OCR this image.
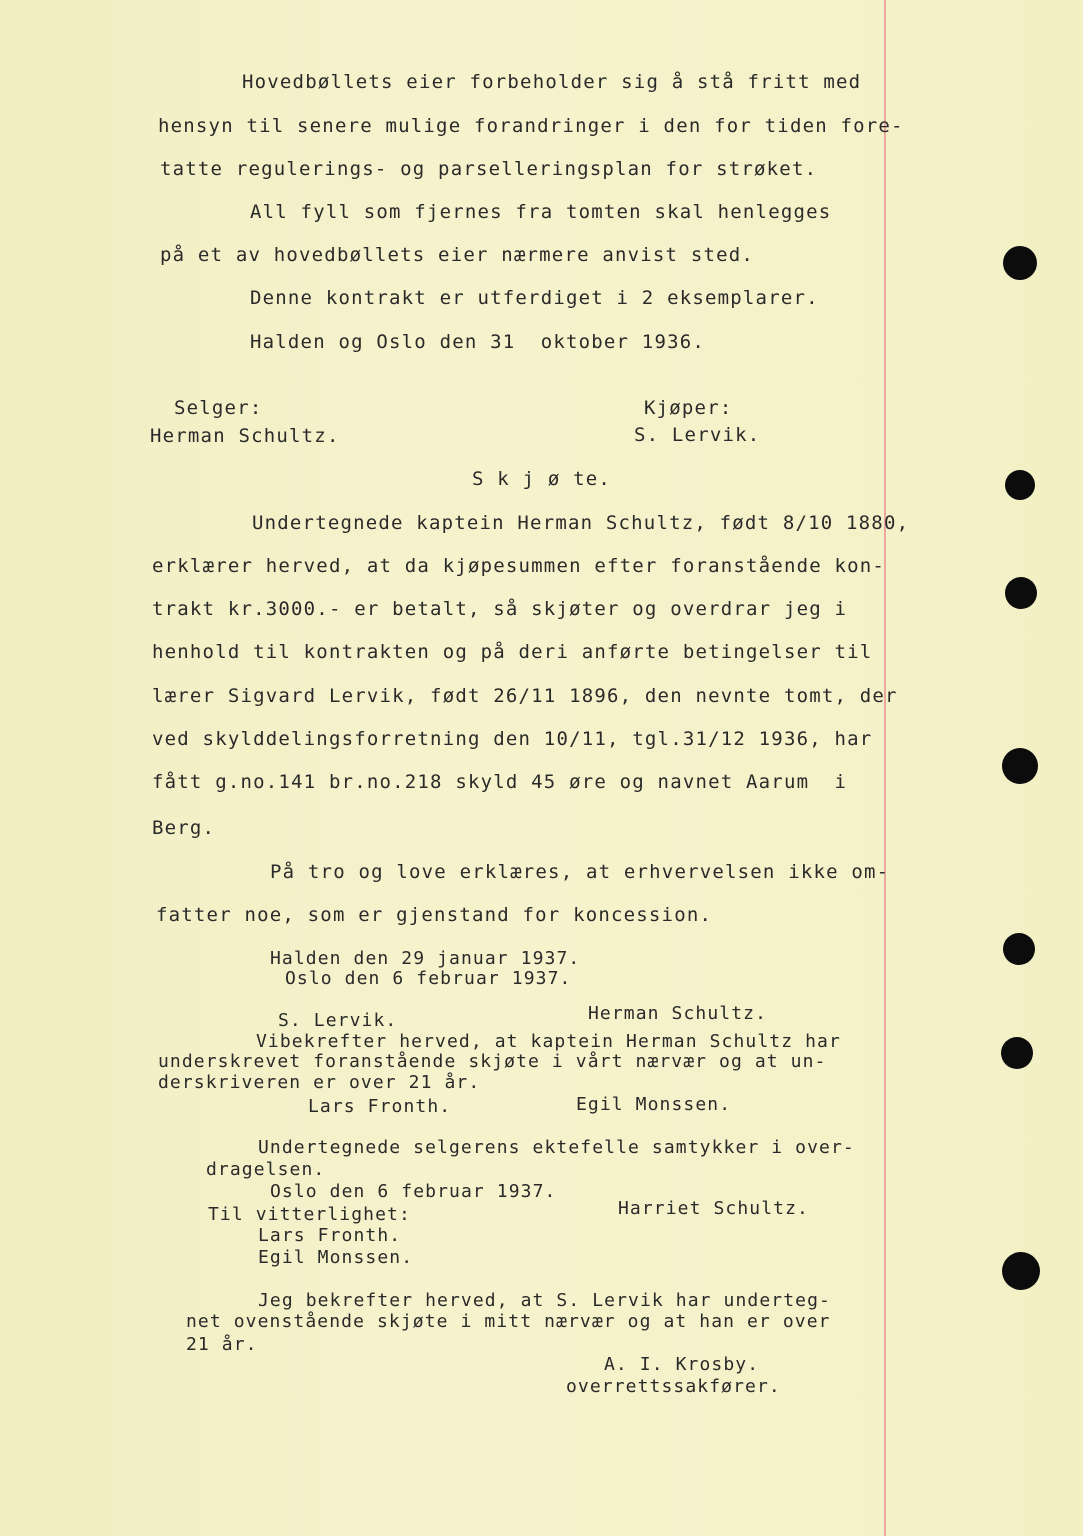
Hovedbøllets eier forbeholder sig å stå fritt med
hensyn til senere mulige forandringer i den for tiden fore-
tatte regulerings- og parselleringsplan for strøket.
All fyll som fjernes fra tomten skal henlegges
på et av hovedbøllets eier nærmere anvist sted.
Denne kontrakt er utferdiget i 2 eksemplarer.
Halden og Oslo den 31  oktober 1936.
Selger:	Kjøper:
Herman Schultz.	S. Lervik.
S k j ø te.
Undertegnede kaptein Herman Schultz, født 8/10 1880,
erklærer herved, at da kjøpesummen efter foranstående kon-
trakt kr.3000.- er betalt, så skjøter og overdrar jeg i
henhold til kontrakten og på deri anførte betingelser til
lærer Sigvard Lervik, født 26/11 1896, den nevnte tomt, der
ved skylddelingsforretning den 10/11, tgl.31/12 1936, har
fått g.no.141 br.no.218 skyld 45 øre og navnet Aarum  i
Berg.
På tro og love erklæres, at erhvervelsen ikke om-
fatter noe, som er gjenstand for koncession.
Halden den 29 januar 1937.
Oslo den 6 februar 1937.
S. Lervik.	Herman Schultz.
Vibekrefter herved, at kaptein Herman Schultz har
underskrevet foranstående skjøte i vårt nærvær og at un-
derskriveren er over 21 år.
Lars Fronth.	Egil Monssen.
Undertegnede selgerens ektefelle samtykker i over-
dragelsen.
Oslo den 6 februar 1937.
Til vitterlighet:	Harriet Schultz.
Lars Fronth.
Egil Monssen.
Jeg bekrefter herved, at S. Lervik har underteg-
net ovenstående skjøte i mitt nærvær og at han er over
21 år.
A. I. Krosby.
overrettssakfører.
